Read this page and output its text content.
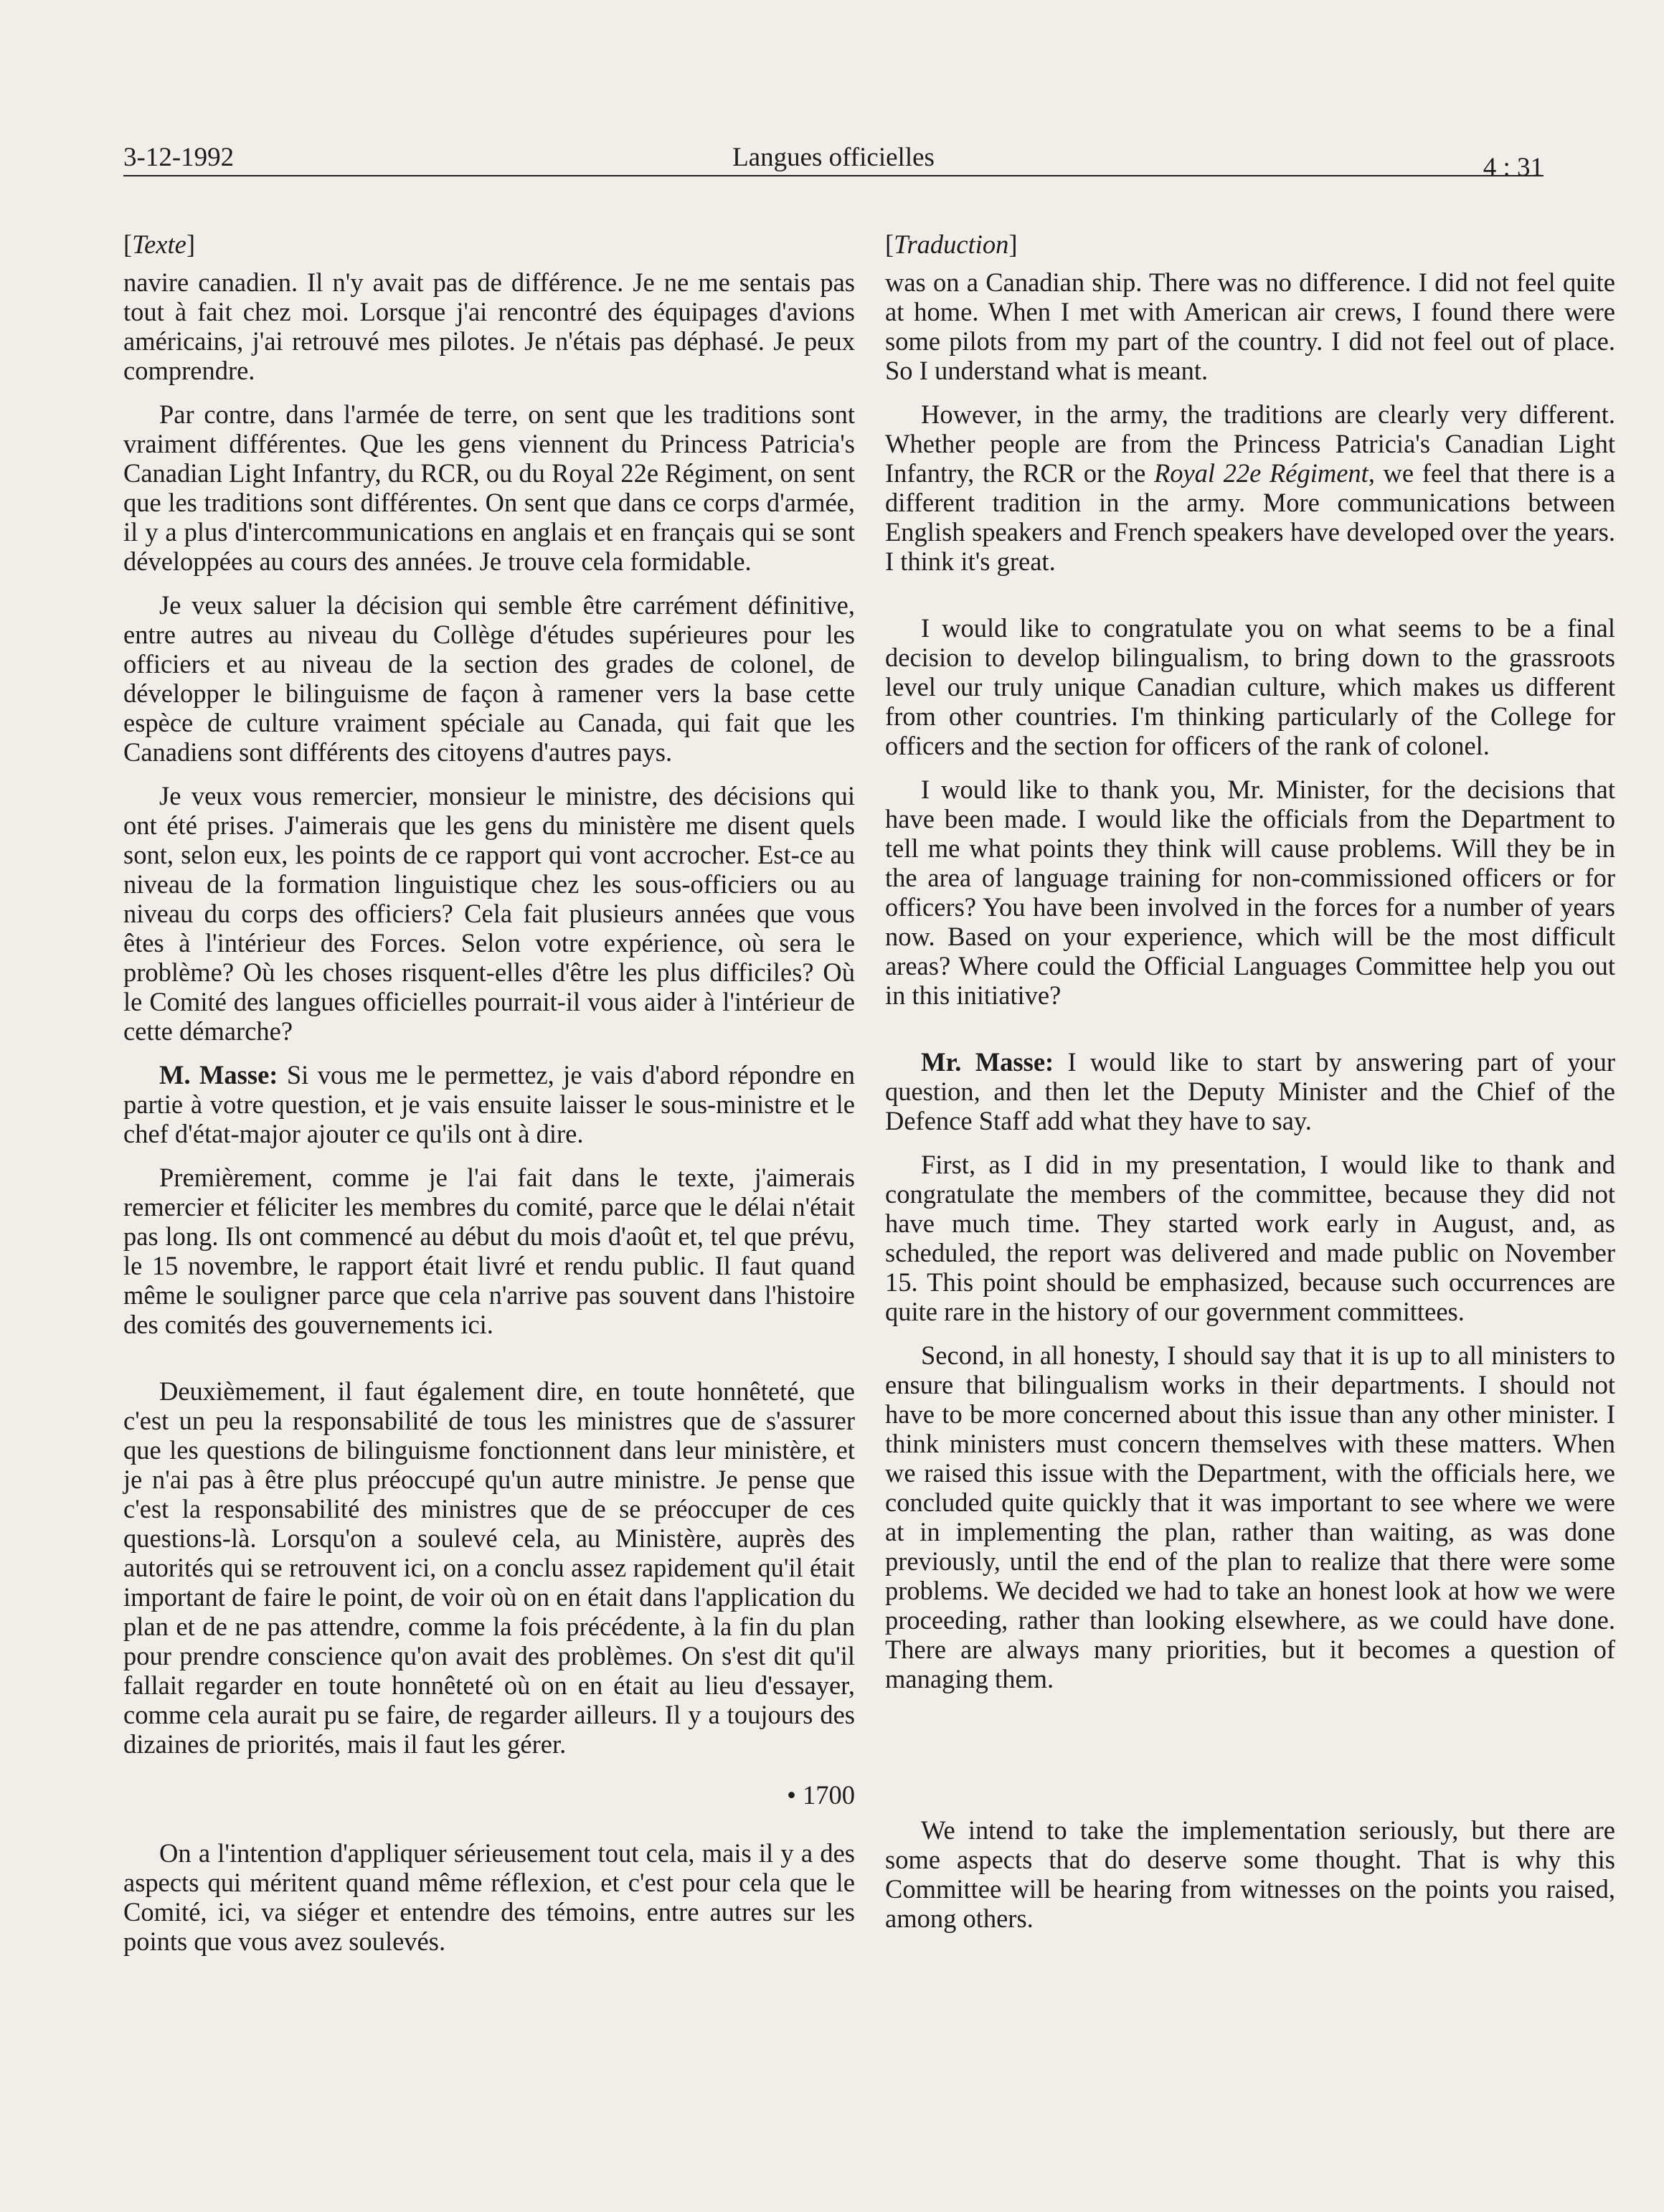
3-12-1992	Langues officielles	4 : 31
[Texte]

navire canadien. Il n'y avait pas de différence. Je ne me sentais pas tout à fait chez moi. Lorsque j'ai rencontré des équipages d'avions américains, j'ai retrouvé mes pilotes. Je n'étais pas déphasé. Je peux comprendre.

Par contre, dans l'armée de terre, on sent que les traditions sont vraiment différentes. Que les gens viennent du Princess Patricia's Canadian Light Infantry, du RCR, ou du Royal 22e Régiment, on sent que les traditions sont différentes. On sent que dans ce corps d'armée, il y a plus d'intercommunications en anglais et en français qui se sont développées au cours des années. Je trouve cela formidable.

Je veux saluer la décision qui semble être carrément définitive, entre autres au niveau du Collège d'études supérieures pour les officiers et au niveau de la section des grades de colonel, de développer le bilinguisme de façon à ramener vers la base cette espèce de culture vraiment spéciale au Canada, qui fait que les Canadiens sont différents des citoyens d'autres pays.

Je veux vous remercier, monsieur le ministre, des décisions qui ont été prises. J'aimerais que les gens du ministère me disent quels sont, selon eux, les points de ce rapport qui vont accrocher. Est-ce au niveau de la formation linguistique chez les sous-officiers ou au niveau du corps des officiers? Cela fait plusieurs années que vous êtes à l'intérieur des Forces. Selon votre expérience, où sera le problème? Où les choses risquent-elles d'être les plus difficiles? Où le Comité des langues officielles pourrait-il vous aider à l'intérieur de cette démarche?

M. Masse: Si vous me le permettez, je vais d'abord répondre en partie à votre question, et je vais ensuite laisser le sous-ministre et le chef d'état-major ajouter ce qu'ils ont à dire.

Premièrement, comme je l'ai fait dans le texte, j'aimerais remercier et féliciter les membres du comité, parce que le délai n'était pas long. Ils ont commencé au début du mois d'août et, tel que prévu, le 15 novembre, le rapport était livré et rendu public. Il faut quand même le souligner parce que cela n'arrive pas souvent dans l'histoire des comités des gouvernements ici.

Deuxièmement, il faut également dire, en toute honnêteté, que c'est un peu la responsabilité de tous les ministres que de s'assurer que les questions de bilinguisme fonctionnent dans leur ministère, et je n'ai pas à être plus préoccupé qu'un autre ministre. Je pense que c'est la responsabilité des ministres que de se préoccuper de ces questions-là. Lorsqu'on a soulevé cela, au Ministère, auprès des autorités qui se retrouvent ici, on a conclu assez rapidement qu'il était important de faire le point, de voir où on en était dans l'application du plan et de ne pas attendre, comme la fois précédente, à la fin du plan pour prendre conscience qu'on avait des problèmes. On s'est dit qu'il fallait regarder en toute honnêteté où on en était au lieu d'essayer, comme cela aurait pu se faire, de regarder ailleurs. Il y a toujours des dizaines de priorités, mais il faut les gérer.

• 1700

On a l'intention d'appliquer sérieusement tout cela, mais il y a des aspects qui méritent quand même réflexion, et c'est pour cela que le Comité, ici, va siéger et entendre des témoins, entre autres sur les points que vous avez soulevés.

[Traduction]

was on a Canadian ship. There was no difference. I did not feel quite at home. When I met with American air crews, I found there were some pilots from my part of the country. I did not feel out of place. So I understand what is meant.

However, in the army, the traditions are clearly very different. Whether people are from the Princess Patricia's Canadian Light Infantry, the RCR or the Royal 22e Régiment, we feel that there is a different tradition in the army. More communications between English speakers and French speakers have developed over the years. I think it's great.

I would like to congratulate you on what seems to be a final decision to develop bilingualism, to bring down to the grassroots level our truly unique Canadian culture, which makes us different from other countries. I'm thinking particularly of the College for officers and the section for officers of the rank of colonel.

I would like to thank you, Mr. Minister, for the decisions that have been made. I would like the officials from the Department to tell me what points they think will cause problems. Will they be in the area of language training for non-commissioned officers or for officers? You have been involved in the forces for a number of years now. Based on your experience, which will be the most difficult areas? Where could the Official Languages Committee help you out in this initiative?

Mr. Masse: I would like to start by answering part of your question, and then let the Deputy Minister and the Chief of the Defence Staff add what they have to say.

First, as I did in my presentation, I would like to thank and congratulate the members of the committee, because they did not have much time. They started work early in August, and, as scheduled, the report was delivered and made public on November 15. This point should be emphasized, because such occurrences are quite rare in the history of our government committees.

Second, in all honesty, I should say that it is up to all ministers to ensure that bilingualism works in their departments. I should not have to be more concerned about this issue than any other minister. I think ministers must concern themselves with these matters. When we raised this issue with the Department, with the officials here, we concluded quite quickly that it was important to see where we were at in implementing the plan, rather than waiting, as was done previously, until the end of the plan to realize that there were some problems. We decided we had to take an honest look at how we were proceeding, rather than looking elsewhere, as we could have done. There are always many priorities, but it becomes a question of managing them.

We intend to take the implementation seriously, but there are some aspects that do deserve some thought. That is why this Committee will be hearing from witnesses on the points you raised, among others.
